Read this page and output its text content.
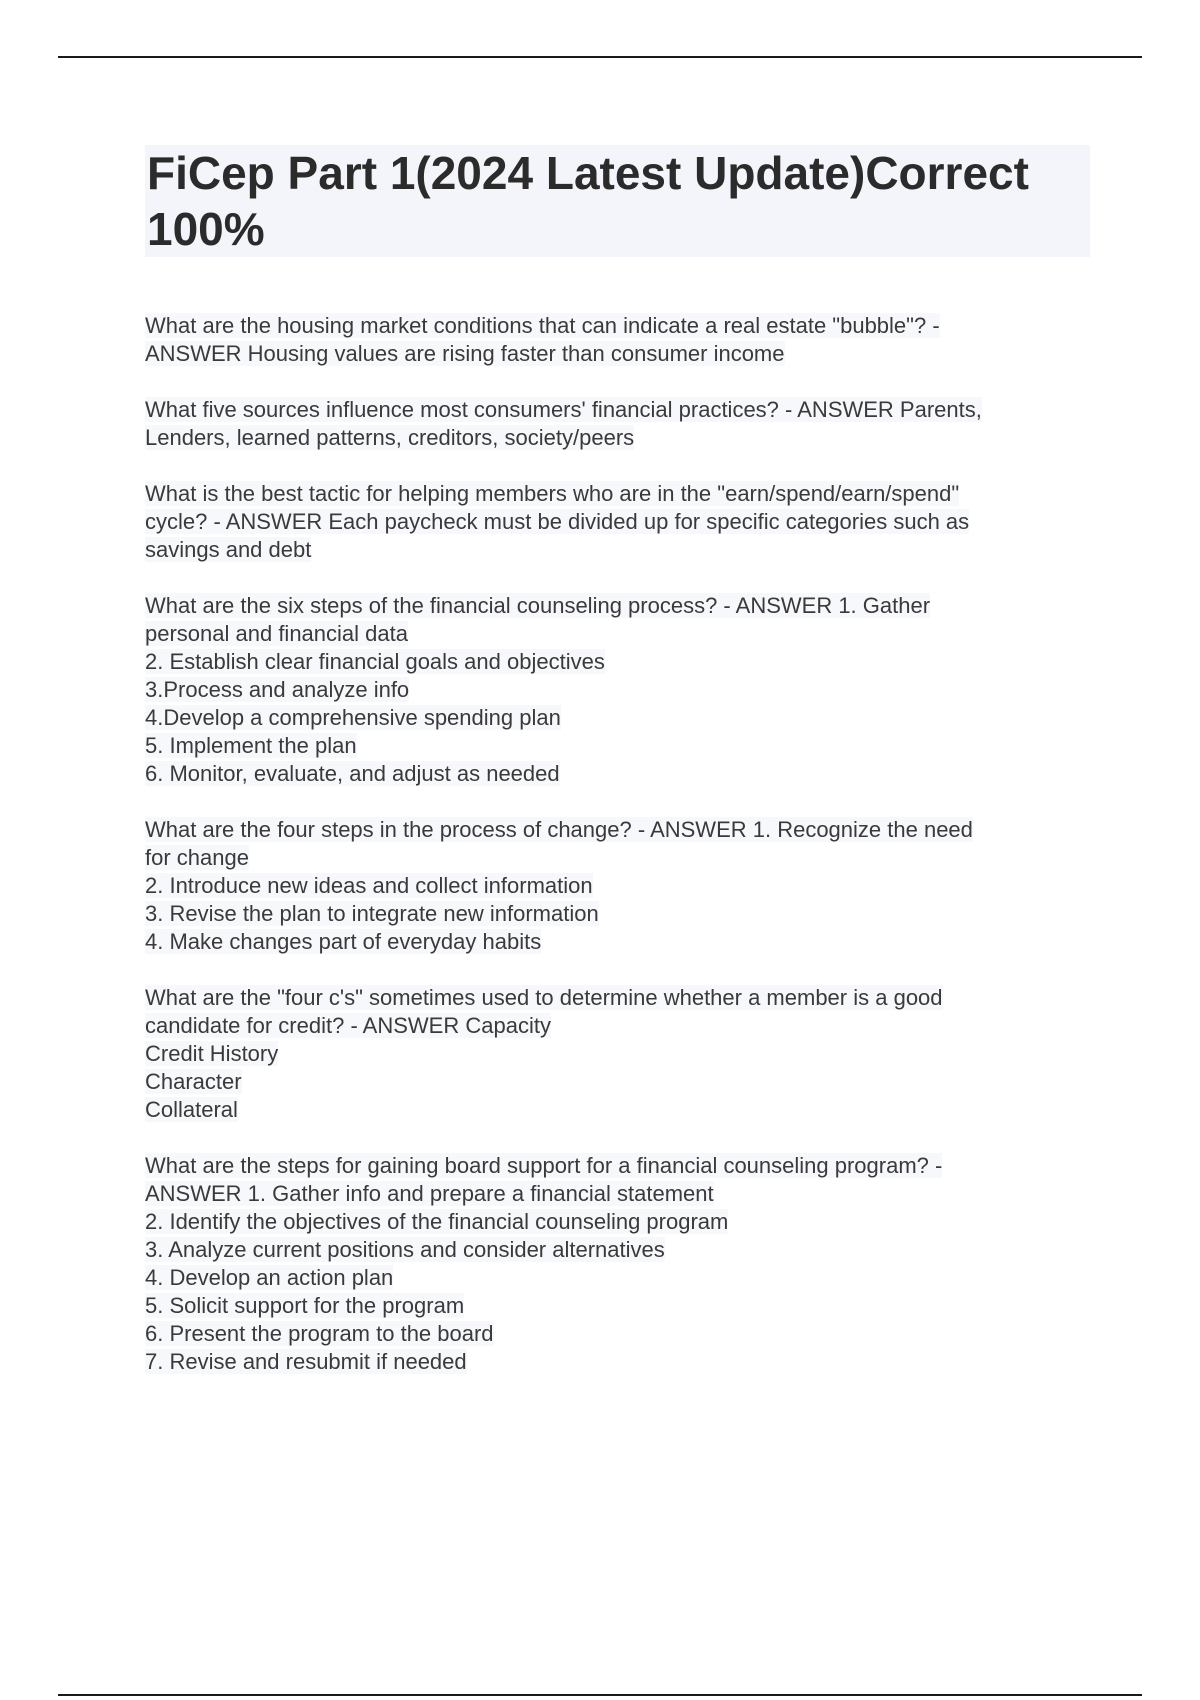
FiCep Part 1(2024 Latest Update)Correct
100%
What are the housing market conditions that can indicate a real estate "bubble"? -
ANSWER Housing values are rising faster than consumer income
What five sources influence most consumers' financial practices? - ANSWER Parents,
Lenders, learned patterns, creditors, society/peers
What is the best tactic for helping members who are in the "earn/spend/earn/spend"
cycle? - ANSWER Each paycheck must be divided up for specific categories such as
savings and debt
What are the six steps of the financial counseling process? - ANSWER 1. Gather
personal and financial data
2. Establish clear financial goals and objectives
3.Process and analyze info
4.Develop a comprehensive spending plan
5. Implement the plan
6. Monitor, evaluate, and adjust as needed
What are the four steps in the process of change? - ANSWER 1. Recognize the need
for change
2. Introduce new ideas and collect information
3. Revise the plan to integrate new information
4. Make changes part of everyday habits
What are the "four c's" sometimes used to determine whether a member is a good
candidate for credit? - ANSWER Capacity
Credit History
Character
Collateral
What are the steps for gaining board support for a financial counseling program? -
ANSWER 1. Gather info and prepare a financial statement
2. Identify the objectives of the financial counseling program
3. Analyze current positions and consider alternatives
4. Develop an action plan
5. Solicit support for the program
6. Present the program to the board
7. Revise and resubmit if needed
